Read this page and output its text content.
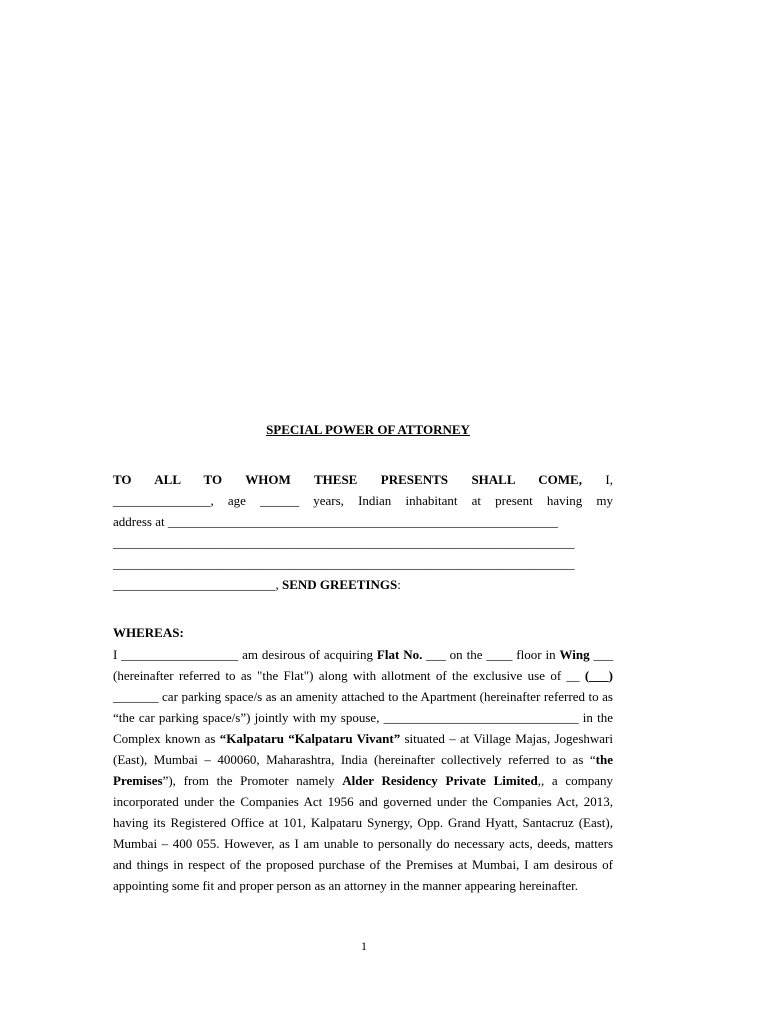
SPECIAL POWER OF ATTORNEY
TO ALL TO WHOM THESE PRESENTS SHALL COME, I,
_______________, age ______ years, Indian inhabitant at present having my
address at ____________________________________________________________
_______________________________________________________________________
_______________________________________________________________________
_________________________, SEND GREETINGS:
WHEREAS:
I __________________ am desirous of acquiring Flat No. ___ on the ____ floor in Wing ___ (hereinafter referred to as "the Flat") along with allotment of the exclusive use of __ (___) _______ car parking space/s as an amenity attached to the Apartment (hereinafter referred to as “the car parking space/s”) jointly with my spouse, ______________________________ in the Complex known as “Kalpataru “Kalpataru Vivant” situated – at Village Majas, Jogeshwari (East), Mumbai – 400060, Maharashtra, India (hereinafter collectively referred to as “the Premises”), from the Promoter namely Alder Residency Private Limited,, a company incorporated under the Companies Act 1956 and governed under the Companies Act, 2013, having its Registered Office at 101, Kalpataru Synergy, Opp. Grand Hyatt, Santacruz (East), Mumbai – 400 055. However, as I am unable to personally do necessary acts, deeds, matters and things in respect of the proposed purchase of the Premises at Mumbai, I am desirous of appointing some fit and proper person as an attorney in the manner appearing hereinafter.
1
